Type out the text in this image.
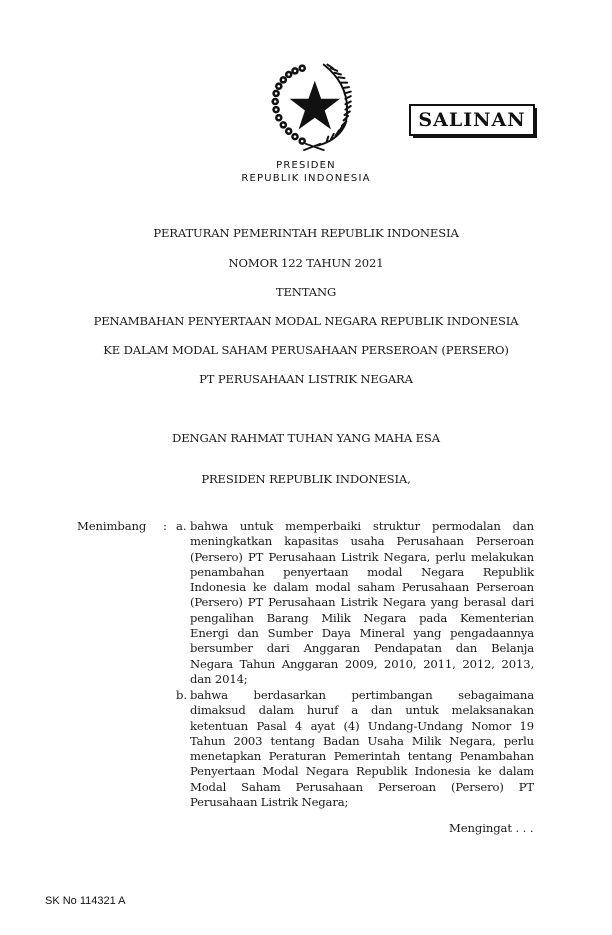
SALINAN
PRESIDEN
REPUBLIK INDONESIA
PERATURAN PEMERINTAH REPUBLIK INDONESIA
NOMOR 122 TAHUN 2021
TENTANG
PENAMBAHAN PENYERTAAN MODAL NEGARA REPUBLIK INDONESIA
KE DALAM MODAL SAHAM PERUSAHAAN PERSEROAN (PERSERO)
PT PERUSAHAAN LISTRIK NEGARA
DENGAN RAHMAT TUHAN YANG MAHA ESA
PRESIDEN REPUBLIK INDONESIA,
Menimbang : a. bahwa untuk memperbaiki struktur permodalan dan
meningkatkan kapasitas usaha Perusahaan Perseroan
(Persero) PT Perusahaan Listrik Negara, perlu melakukan
penambahan penyertaan modal Negara Republik
Indonesia ke dalam modal saham Perusahaan Perseroan
(Persero) PT Perusahaan Listrik Negara yang berasal dari
pengalihan Barang Milik Negara pada Kementerian
Energi dan Sumber Daya Mineral yang pengadaannya
bersumber dari Anggaran Pendapatan dan Belanja
Negara Tahun Anggaran 2009, 2010, 2011, 2012, 2013,
dan 2014;
b. bahwa berdasarkan pertimbangan sebagaimana
dimaksud dalam huruf a dan untuk melaksanakan
ketentuan Pasal 4 ayat (4) Undang-Undang Nomor 19
Tahun 2003 tentang Badan Usaha Milik Negara, perlu
menetapkan Peraturan Pemerintah tentang Penambahan
Penyertaan Modal Negara Republik Indonesia ke dalam
Modal Saham Perusahaan Perseroan (Persero) PT
Perusahaan Listrik Negara;
Mengingat . . .
SK No 114321 A
